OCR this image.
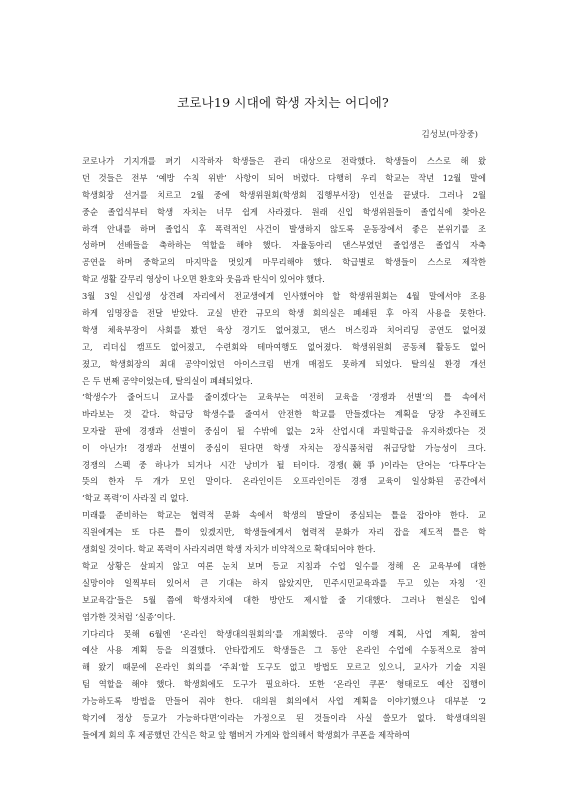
코로나19 시대에 학생 자치는 어디에?
김성보(마장중)
코로나가 기지개를 펴기 시작하자 학생들은 관리 대상으로 전락했다. 학생들이 스스로 해 왔
던 것들은 전부 ‘예방 수칙 위반’ 사항이 되어 버렸다. 다행히 우리 학교는 작년 12월 말에
학생회장 선거를 치르고 2월 중에 학생위원회(학생회 집행부서장) 인선을 끝냈다. 그러나 2월
중순 졸업식부터 학생 자치는 너무 쉽게 사라졌다. 원래 신입 학생위원들이 졸업식에 찾아온
하객 안내를 하며 졸업식 후 폭력적인 사건이 발생하지 않도록 운동장에서 좋은 분위기를 조
성하며 선배들을 축하하는 역할을 해야 했다. 자율동아리 댄스부였던 졸업생은 졸업식 자축
공연을 하며 중학교의 마지막을 멋있게 마무리해야 했다. 학급별로 학생들이 스스로 제작한
학교 생활 갈무리 영상이 나오면 환호와 웃음과 탄식이 있어야 했다.
3월 3일 신입생 상견례 자리에서 전교생에게 인사했어야 할 학생위원회는 4월 말에서야 조용
하게 임명장을 전달 받았다. 교실 반칸 규모의 학생 회의실은 폐쇄된 후 아직 사용을 못한다.
학생 체육부장이 사회를 봤던 육상 경기도 없어졌고, 댄스 버스킹과 치어리딩 공연도 없어졌
고, 리더십 캠프도 없어졌고, 수련회와 테마여행도 없어졌다. 학생위원회 공동체 활동도 없어
졌고, 학생회장의 최대 공약이었던 아이스크림 번개 매점도 못하게 되었다. 탈의실 환경 개선
은 두 번째 공약이었는데, 탈의실이 폐쇄되었다.
‘학생수가 줄어드니 교사를 줄이겠다’는 교육부는 여전히 교육을 ‘경쟁과 선별’의 틀 속에서
바라보는 것 같다. 학급당 학생수를 줄여서 안전한 학교를 만들겠다는 계획을 당장 추진해도
모자랄 판에 경쟁과 선별이 중심이 될 수밖에 없는 2차 산업시대 과밀학급을 유지하겠다는 것
이 아닌가! 경쟁과 선별이 중심이 된다면 학생 자치는 장식품처럼 취급당할 가능성이 크다.
경쟁의 스펙 중 하나가 되거나 시간 낭비가 될 터이다. 경쟁(競爭)이라는 단어는 ‘다투다’는
뜻의 한자 두 개가 모인 말이다. 온라인이든 오프라인이든 경쟁 교육이 일상화된 공간에서
‘학교 폭력’이 사라질 리 없다.
미래를 준비하는 학교는 협력적 문화 속에서 학생의 발달이 중심되는 틀을 잡아야 한다. 교
직원에게는 또 다른 틀이 있겠지만, 학생들에게서 협력적 문화가 자리 잡을 제도적 틀은 학
생회일 것이다. 학교 폭력이 사라지려면 학생 자치가 비약적으로 확대되어야 한다.
학교 상황은 살피지 않고 여론 눈치 보며 등교 지침과 수업 일수를 정해 온 교육부에 대한
실망이야 일찍부터 있어서 큰 기대는 하지 않았지만, 민주시민교육과를 두고 있는 자칭 ‘진
보교육감’들은 5월 쯤에 학생자치에 대한 방안도 제시할 줄 기대했다. 그러나 현실은 입에
염가한 것처럼 ‘실종’이다.
기다리다 못해 6월엔 ‘온라인 학생대의원회의’를 개최했다. 공약 이행 계획, 사업 계획, 참여
예산 사용 계획 등을 의결했다. 안타깝게도 학생들은 그 동안 온라인 수업에 수동적으로 참여
해 왔기 때문에 온라인 회의를 ‘주최’할 도구도 없고 방법도 모르고 있으니, 교사가 기술 지원
팀 역할을 해야 했다. 학생회에도 도구가 필요하다. 또한 ‘온라인 쿠폰’ 형태로도 예산 집행이
가능하도록 방법을 만들어 줘야 한다. 대의원 회의에서 사업 계획을 이야기했으나 대부분 ‘2
학기에 정상 등교가 가능하다면’이라는 가정으로 된 것들이라 사실 쓸모가 없다. 학생대의원
들에게 회의 후 제공했던 간식은 학교 앞 햄버거 가게와 합의해서 학생회가 쿠폰을 제작하여
